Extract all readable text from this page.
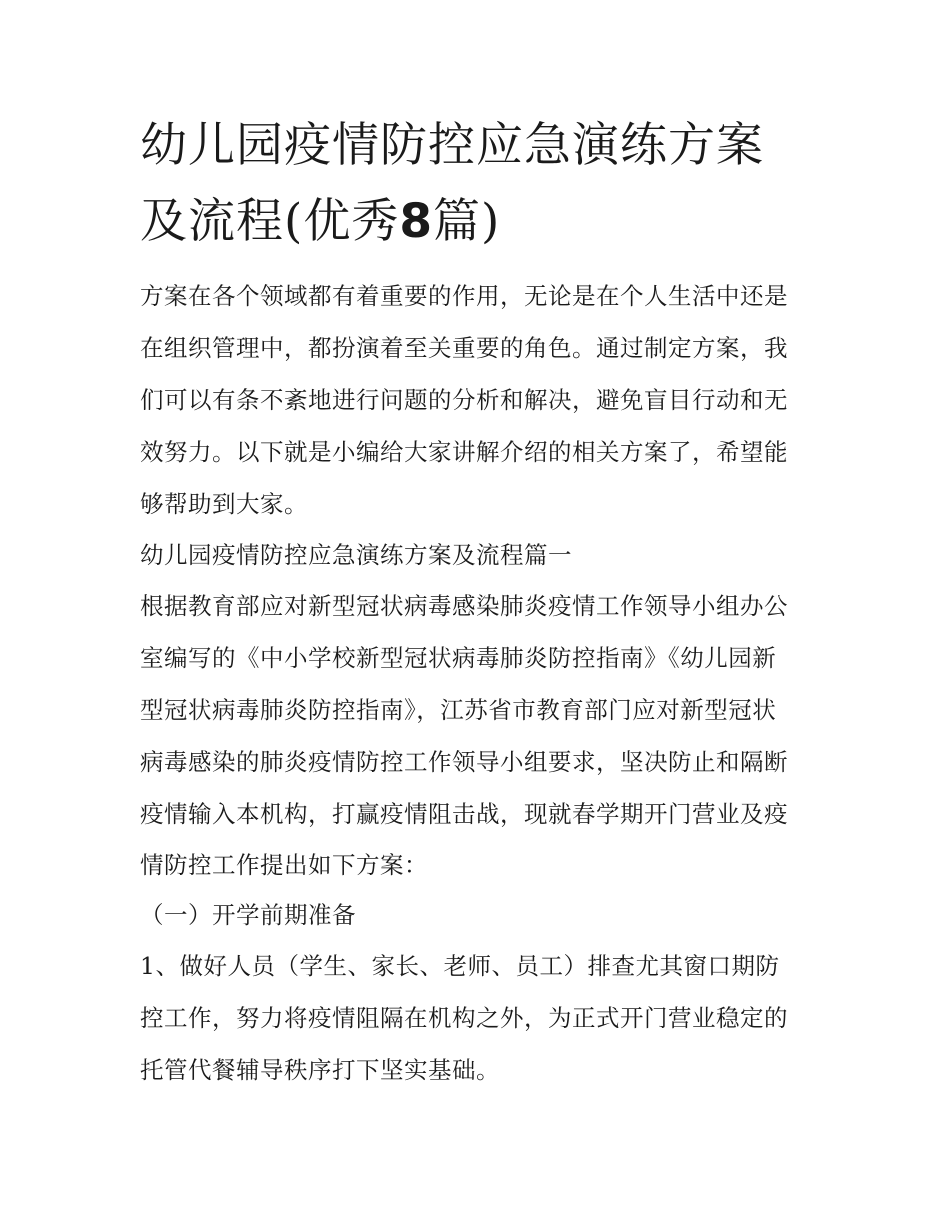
幼儿园疫情防控应急演练方案
及流程(优秀8篇)
方案在各个领域都有着重要的作用，无论是在个人生活中还是
在组织管理中，都扮演着至关重要的角色。通过制定方案，我
们可以有条不紊地进行问题的分析和解决，避免盲目行动和无
效努力。以下就是小编给大家讲解介绍的相关方案了，希望能
够帮助到大家。
幼儿园疫情防控应急演练方案及流程篇一
根据教育部应对新型冠状病毒感染肺炎疫情工作领导小组办公
室编写的《中小学校新型冠状病毒肺炎防控指南》《幼儿园新
型冠状病毒肺炎防控指南》，江苏省市教育部门应对新型冠状
病毒感染的肺炎疫情防控工作领导小组要求，坚决防止和隔断
疫情输入本机构，打赢疫情阻击战，现就春学期开门营业及疫
情防控工作提出如下方案：
（一）开学前期准备
1、做好人员（学生、家长、老师、员工）排查尤其窗口期防
控工作，努力将疫情阻隔在机构之外，为正式开门营业稳定的
托管代餐辅导秩序打下坚实基础。
